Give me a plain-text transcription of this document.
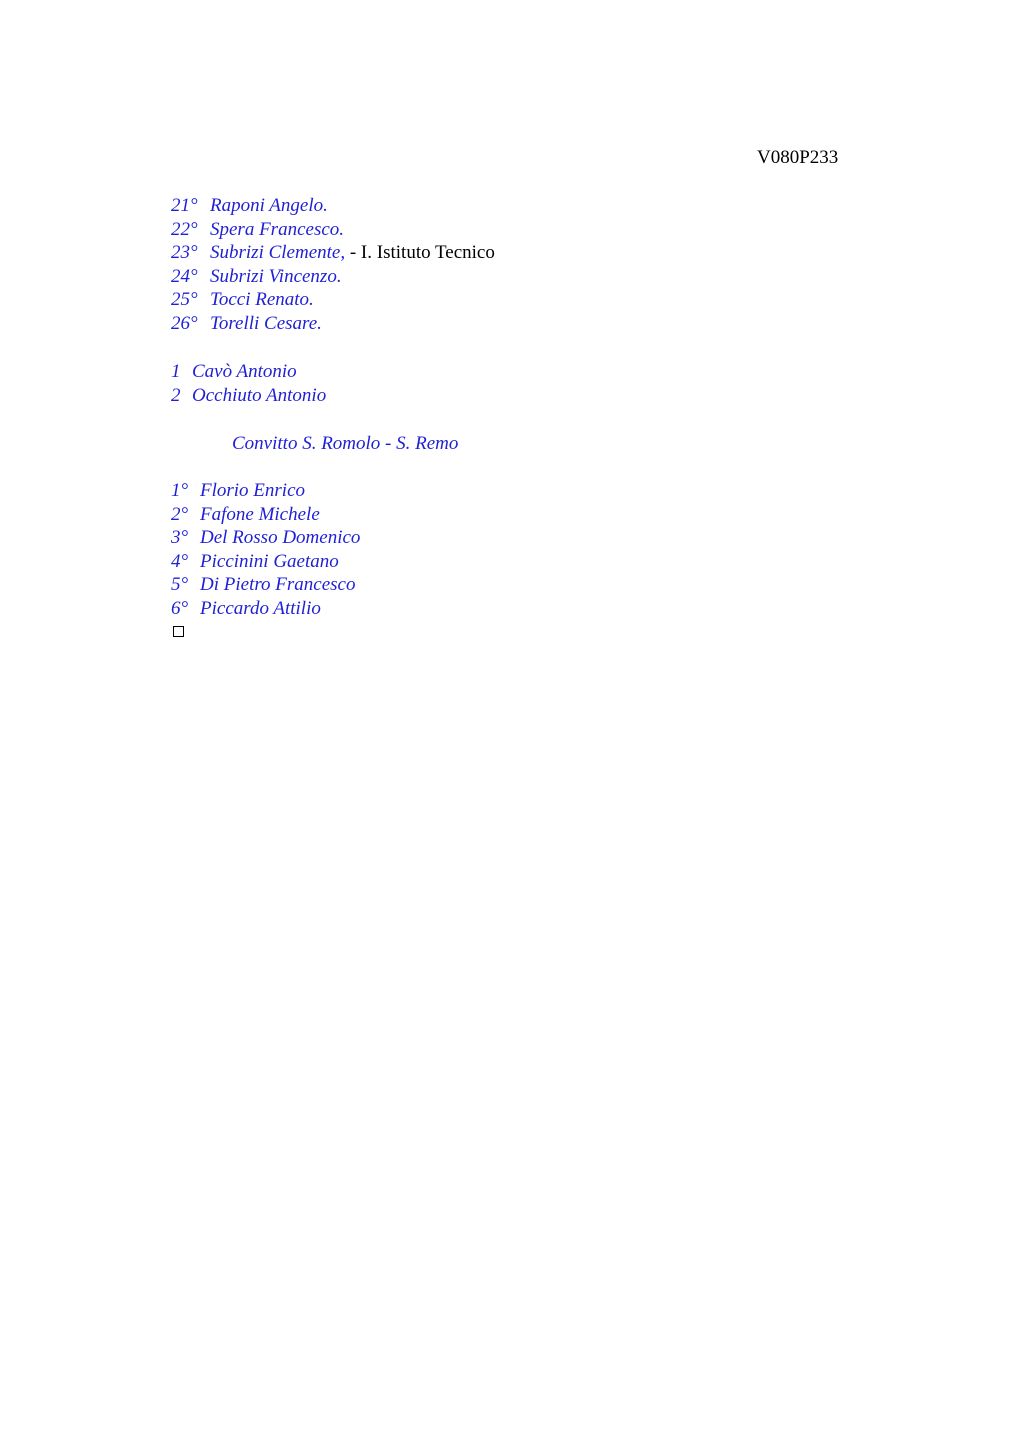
V080P233
21° Raponi Angelo.
22° Spera Francesco.
23° Subrizi Clemente, - I. Istituto Tecnico
24° Subrizi Vincenzo.
25° Tocci Renato.
26° Torelli Cesare.
1 Cavò Antonio
2 Occhiuto Antonio
Convitto S. Romolo - S. Remo
1° Florio Enrico
2° Fafone Michele
3° Del Rosso Domenico
4° Piccinini Gaetano
5° Di Pietro Francesco
6° Piccardo Attilio
